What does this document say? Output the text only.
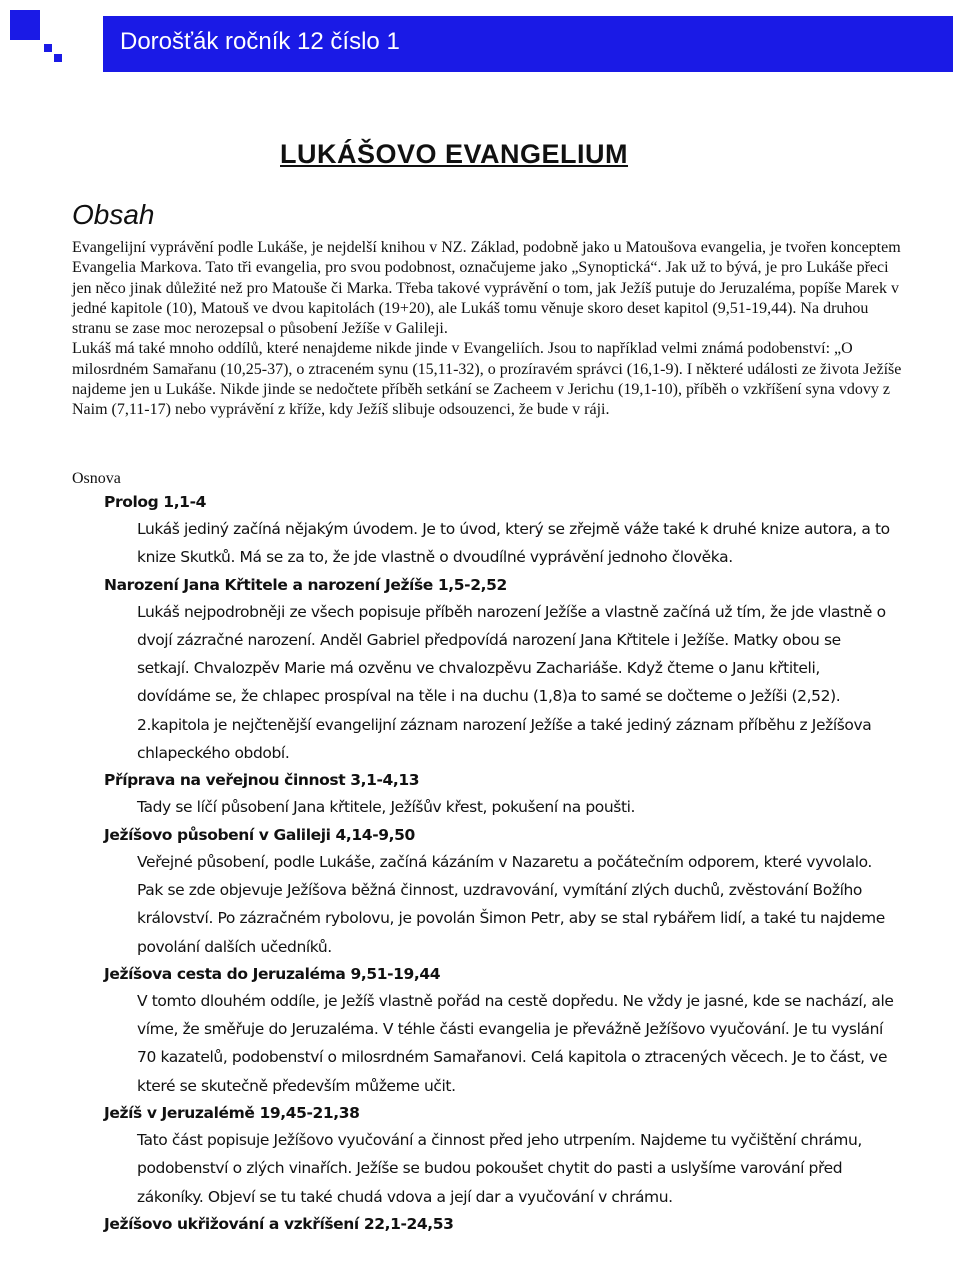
Dorošťák ročník 12 číslo 1
LUKÁŠOVO EVANGELIUM
Obsah

Evangelijní vyprávění podle Lukáše, je nejdelší knihou v NZ. Základ, podobně jako u Matoušova evangelia, je tvořen konceptem Evangelia Markova. Tato tři evangelia, pro svou podobnost, označujeme jako „Synoptická“. Jak už to bývá, je pro Lukáše přeci jen něco jinak důležité než pro Matouše či Marka. Třeba takové vyprávění o tom, jak Ježíš putuje do Jeruzaléma, popíše Marek v jedné kapitole (10), Matouš ve dvou kapitolách (19+20), ale Lukáš tomu věnuje skoro deset kapitol (9,51-19,44). Na druhou stranu se zase moc nerozepsal o působení Ježíše v Galileji.

Lukáš má také mnoho oddílů, které nenajdeme nikde jinde v Evangeliích. Jsou to například velmi známá podobenství: „O milosrdném Samařanu (10,25-37), o ztraceném synu (15,11-32), o prozíravém správci (16,1-9). I některé události ze života Ježíše najdeme jen u Lukáše. Nikde jinde se nedočtete příběh setkání se Zacheem v Jerichu (19,1-10), příběh o vzkříšení syna vdovy z Naim (7,11-17) nebo vyprávění z kříže, kdy Ježíš slibuje odsouzenci, že bude v ráji.

Osnova

Prolog 1,1-4

Lukáš jediný začíná nějakým úvodem. Je to úvod, který se zřejmě váže také k druhé knize autora, a to knize Skutků. Má se za to, že jde vlastně o dvoudílné vyprávění jednoho člověka.

Narození Jana Křtitele a narození Ježíše 1,5-2,52

Lukáš nejpodrobněji ze všech popisuje příběh narození Ježíše a vlastně začíná už tím, že jde vlastně o dvojí zázračné narození. Anděl Gabriel předpovídá narození Jana Křtitele i Ježíše. Matky obou se setkají. Chvalozpěv Marie má ozvěnu ve chvalozpěvu Zachariáše. Když čteme o Janu křtiteli, dovídáme se, že chlapec prospíval na těle i na duchu (1,8)a to samé se dočteme o Ježíši (2,52). 2.kapitola je nejčtenější evangelijní záznam narození Ježíše a také jediný záznam příběhu z Ježíšova chlapeckého období.

Příprava na veřejnou činnost 3,1-4,13

Tady se líčí působení Jana křtitele, Ježíšův křest, pokušení na poušti.

Ježíšovo působení v Galileji 4,14-9,50

Veřejné působení, podle Lukáše, začíná kázáním v Nazaretu a počátečním odporem, které vyvolalo. Pak se zde objevuje Ježíšova běžná činnost, uzdravování, vymítání zlých duchů, zvěstování Božího království. Po zázračném rybolovu, je povolán Šimon Petr, aby se stal rybářem lidí, a také tu najdeme povolání dalších učedníků.

Ježíšova cesta do Jeruzaléma 9,51-19,44

V tomto dlouhém oddíle, je Ježíš vlastně pořád na cestě dopředu. Ne vždy je jasné, kde se nachází, ale víme, že směřuje do Jeruzaléma. V téhle části evangelia je převážně Ježíšovo vyučování. Je tu vyslání 70 kazatelů, podobenství o milosrdném Samařanovi. Celá kapitola o ztracených věcech. Je to část, ve které se skutečně především můžeme učit.

Ježíš v Jeruzalémě 19,45-21,38

Tato část popisuje Ježíšovo vyučování a činnost před jeho utrpením. Najdeme tu vyčištění chrámu, podobenství o zlých vinařích. Ježíše se budou pokoušet chytit do pasti a uslyšíme varování před zákoníky. Objeví se tu také chudá vdova a její dar a vyučování v chrámu.

Ježíšovo ukřižování a vzkříšení 22,1-24,53
